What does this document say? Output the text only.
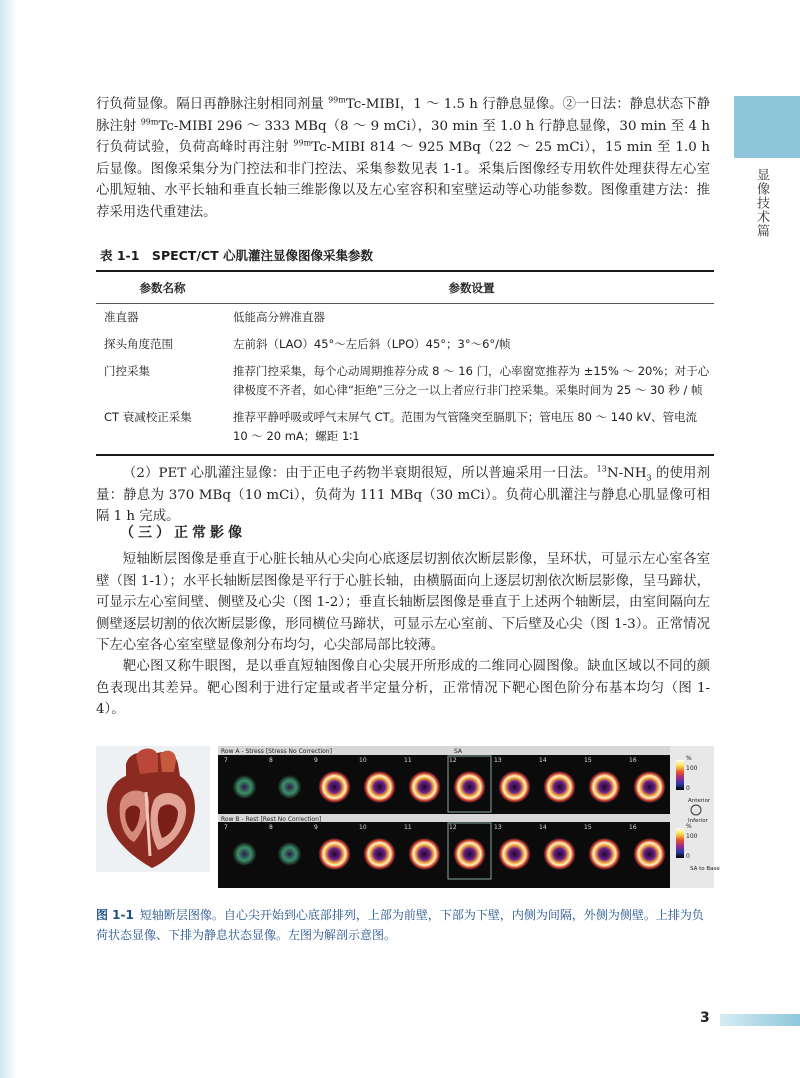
显像技术篇

行负荷显像。隔日再静脉注射相同剂量 $^{99m}$Tc-MIBI，1 ～ 1.5 h 行静息显像。②一日法：静息状态下静脉注射 $^{99m}$Tc-MIBI 296 ～ 333 MBq（8 ～ 9 mCi），30 min 至 1.0 h 行静息显像，30 min 至 4 h 行负荷试验，负荷高峰时再注射 $^{99m}$Tc-MIBI 814 ～ 925 MBq（22 ～ 25 mCi），15 min 至 1.0 h 后显像。图像采集分为门控法和非门控法、采集参数见表 1-1。采集后图像经专用软件处理获得左心室心肌短轴、水平长轴和垂直长轴三维影像以及左心室容积和室壁运动等心功能参数。图像重建方法：推荐采用迭代重建法。

表 1-1　SPECT/CT 心肌灌注显像图像采集参数
参数名称	参数设置
准直器	低能高分辨准直器
探头角度范围	左前斜（LAO）45°～左后斜（LPO）45°；3°～6°/帧
门控采集	推荐门控采集，每个心动周期推荐分成 8 ～ 16 门，心率窗宽推荐为 ±15% ～ 20%；对于心律极度不齐者，如心律“拒绝”三分之一以上者应行非门控采集。采集时间为 25 ～ 30 秒 / 帧
CT 衰减校正采集	推荐平静呼吸或呼气末屏气 CT。范围为气管隆突至膈肌下；管电压 80 ～ 140 kV、管电流 10 ～ 20 mA；螺距 1∶1

（2）PET 心肌灌注显像：由于正电子药物半衰期很短，所以普遍采用一日法。$^{13}N-NH_3$ 的使用剂量：静息为 370 MBq（10 mCi），负荷为 111 MBq（30 mCi）。负荷心肌灌注与静息心肌显像可相隔 1 h 完成。

（三）正常影像

短轴断层图像是垂直于心脏长轴从心尖向心底逐层切割依次断层影像，呈环状，可显示左心室各室壁（图 1-1）；水平长轴断层图像是平行于心脏长轴，由横膈面向上逐层切割依次断层影像，呈马蹄状，可显示左心室间壁、侧壁及心尖（图 1-2）；垂直长轴断层图像是垂直于上述两个轴断层，由室间隔向左侧壁逐层切割的依次断层影像，形同横位马蹄状，可显示左心室前、下后壁及心尖（图 1-3）。正常情况下左心室各心室室壁显像剂分布均匀，心尖部局部比较薄。

靶心图又称牛眼图，是以垂直短轴图像自心尖展开所形成的二维同心圆图像。缺血区域以不同的颜色表现出其差异。靶心图利于进行定量或者半定量分析，正常情况下靶心图色阶分布基本均匀（图 1-4）。

Row A - Stress [Stress No Correction]
Row B - Rest [Rest No Correction]
SA
7	8	9	10	11	12	13	14	15	16
7	8	9	10	11	12	13	14	15	16
%
100
0
%
100
0
Anterior
Inferior
SA to Base
图 1-1 短轴断层图像。自心尖开始到心底部排列，上部为前壁，下部为下壁，内侧为间隔，外侧为侧壁。上排为负荷状态显像、下排为静息状态显像。左图为解剖示意图。
3
